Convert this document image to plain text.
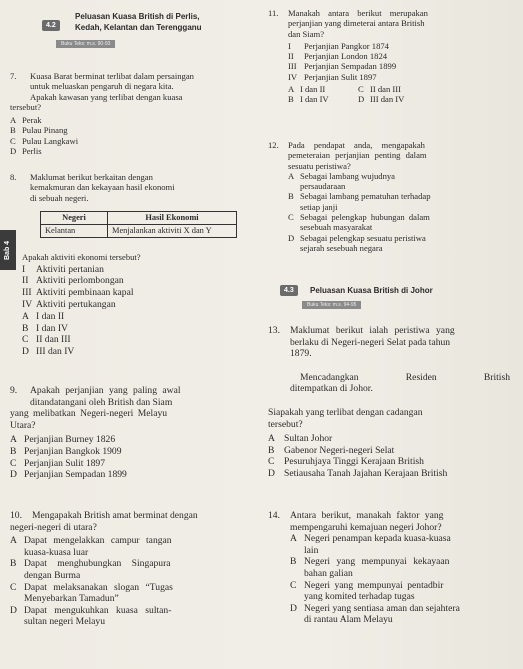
4.2
Peluasan Kuasa British di Perlis,
Kedah, Kelantan dan Terengganu
Buku Teks: m.s. 90-93
7.	Kuasa Barat berminat terlibat dalam persaingan
untuk meluaskan pengaruh di negara kita.
Apakah kawasan yang terlibat dengan kuasa
tersebut?
A Perak
B Pulau Pinang
C Pulau Langkawi
D Perlis
8.	Maklumat berikut berkaitan dengan
kemakmuran dan kekayaan hasil ekonomi
di sebuah negeri.
Negeri	Hasil Ekonomi
Kelantan	Menjalankan aktiviti X dan Y
Apakah aktiviti ekonomi tersebut?
I	Aktiviti pertanian
II Aktiviti perlombongan
III Aktiviti pembinaan kapal
IV Aktiviti pertukangan
A I dan II
B I dan IV
C II dan III
D III dan IV
Bab 4
9.	Apakah perjanjian yang paling awal
ditandatangani oleh British dan Siam
yang melibatkan Negeri-negeri Melayu
Utara?
A Perjanjian Burney 1826
B Perjanjian Bangkok 1909
C Perjanjian Sulit 1897
D Perjanjian Sempadan 1899
10.	Mengapakah British amat berminat dengan
negeri-negeri di utara?
A Dapat mengelakkan campur tangan
kuasa-kuasa luar
B Dapat menghubungkan Singapura
dengan Burma
C Dapat melaksanakan slogan “Tugas
Menyebarkan Tamadun”
D Dapat mengukuhkan kuasa sultan-
sultan negeri Melayu
11.	Manakah antara berikut merupakan
perjanjian yang dimeterai antara British
dan Siam?
I	Perjanjian Pangkor 1874
II	Perjanjian London 1824
III Perjanjian Sempadan 1899
IV Perjanjian Sulit 1897
A I dan II	C II dan III
B I dan IV	D III dan IV
12.	Pada pendapat anda, mengapakah
pemeteraian perjanjian penting dalam
sesuatu peristiwa?
A Sebagai lambang wujudnya
persaudaraan
B Sebagai lambang pematuhan terhadap
setiap janji
C Sebagai pelengkap hubungan dalam
sesebuah masyarakat
D Sebagai pelengkap sesuatu peristiwa
sejarah sesebuah negara
4.3	Peluasan Kuasa British di Johor
Buku Teks: m.s. 94-95
13.	Maklumat berikut ialah peristiwa yang
berlaku di Negeri-negeri Selat pada tahun
1879.
Mencadangkan	Residen	British
ditempatkan di Johor.
Siapakah yang terlibat dengan cadangan
tersebut?
A Sultan Johor
B Gabenor Negeri-negeri Selat
C Pesuruhjaya Tinggi Kerajaan British
D Setiausaha Tanah Jajahan Kerajaan British
14.	Antara berikut, manakah faktor yang
mempengaruhi kemajuan negeri Johor?
A Negeri penampan kepada kuasa-kuasa
lain
B Negeri yang mempunyai kekayaan
bahan galian
C Negeri yang mempunyai pentadbir
yang komited terhadap tugas
D Negeri yang sentiasa aman dan sejahtera
di rantau Alam Melayu
